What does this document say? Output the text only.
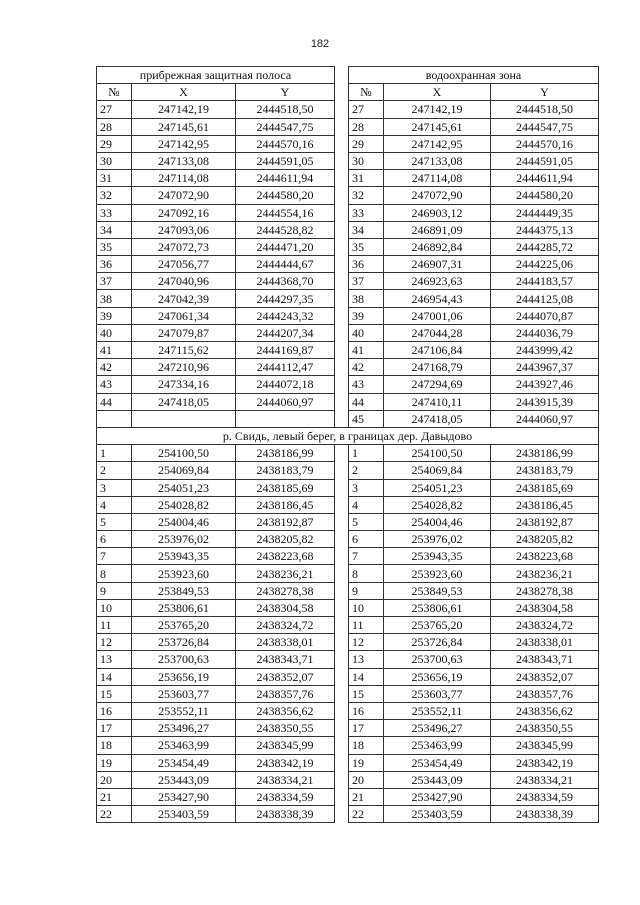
182
прибрежная защитная полоса				водоохранная зона		
№	X	Y		№	X	Y
27	247142,19	2444518,50		27	247142,19	2444518,50
28	247145,61	2444547,75		28	247145,61	2444547,75
29	247142,95	2444570,16		29	247142,95	2444570,16
30	247133,08	2444591,05		30	247133,08	2444591,05
31	247114,08	2444611,94		31	247114,08	2444611,94
32	247072,90	2444580,20		32	247072,90	2444580,20
33	247092,16	2444554,16		33	246903,12	2444449,35
34	247093,06	2444528,82		34	246891,09	2444375,13
35	247072,73	2444471,20		35	246892,84	2444285,72
36	247056,77	2444444,67		36	246907,31	2444225,06
37	247040,96	2444368,70		37	246923,63	2444183,57
38	247042,39	2444297,35		38	246954,43	2444125,08
39	247061,34	2444243,32		39	247001,06	2444070,87
40	247079,87	2444207,34		40	247044,28	2444036,79
41	247115,62	2444169,87		41	247106,84	2443999,42
42	247210,96	2444112,47		42	247168,79	2443967,37
43	247334,16	2444072,18		43	247294,69	2443927,46
44	247418,05	2444060,97		44	247410,11	2443915,39
				45	247418,05	2444060,97
р. Свидь, левый берег, в границах дер. Давыдово						
1	254100,50	2438186,99		1	254100,50	2438186,99
2	254069,84	2438183,79		2	254069,84	2438183,79
3	254051,23	2438185,69		3	254051,23	2438185,69
4	254028,82	2438186,45		4	254028,82	2438186,45
5	254004,46	2438192,87		5	254004,46	2438192,87
6	253976,02	2438205,82		6	253976,02	2438205,82
7	253943,35	2438223,68		7	253943,35	2438223,68
8	253923,60	2438236,21		8	253923,60	2438236,21
9	253849,53	2438278,38		9	253849,53	2438278,38
10	253806,61	2438304,58		10	253806,61	2438304,58
11	253765,20	2438324,72		11	253765,20	2438324,72
12	253726,84	2438338,01		12	253726,84	2438338,01
13	253700,63	2438343,71		13	253700,63	2438343,71
14	253656,19	2438352,07		14	253656,19	2438352,07
15	253603,77	2438357,76		15	253603,77	2438357,76
16	253552,11	2438356,62		16	253552,11	2438356,62
17	253496,27	2438350,55		17	253496,27	2438350,55
18	253463,99	2438345,99		18	253463,99	2438345,99
19	253454,49	2438342,19		19	253454,49	2438342,19
20	253443,09	2438334,21		20	253443,09	2438334,21
21	253427,90	2438334,59		21	253427,90	2438334,59
22	253403,59	2438338,39		22	253403,59	2438338,39
